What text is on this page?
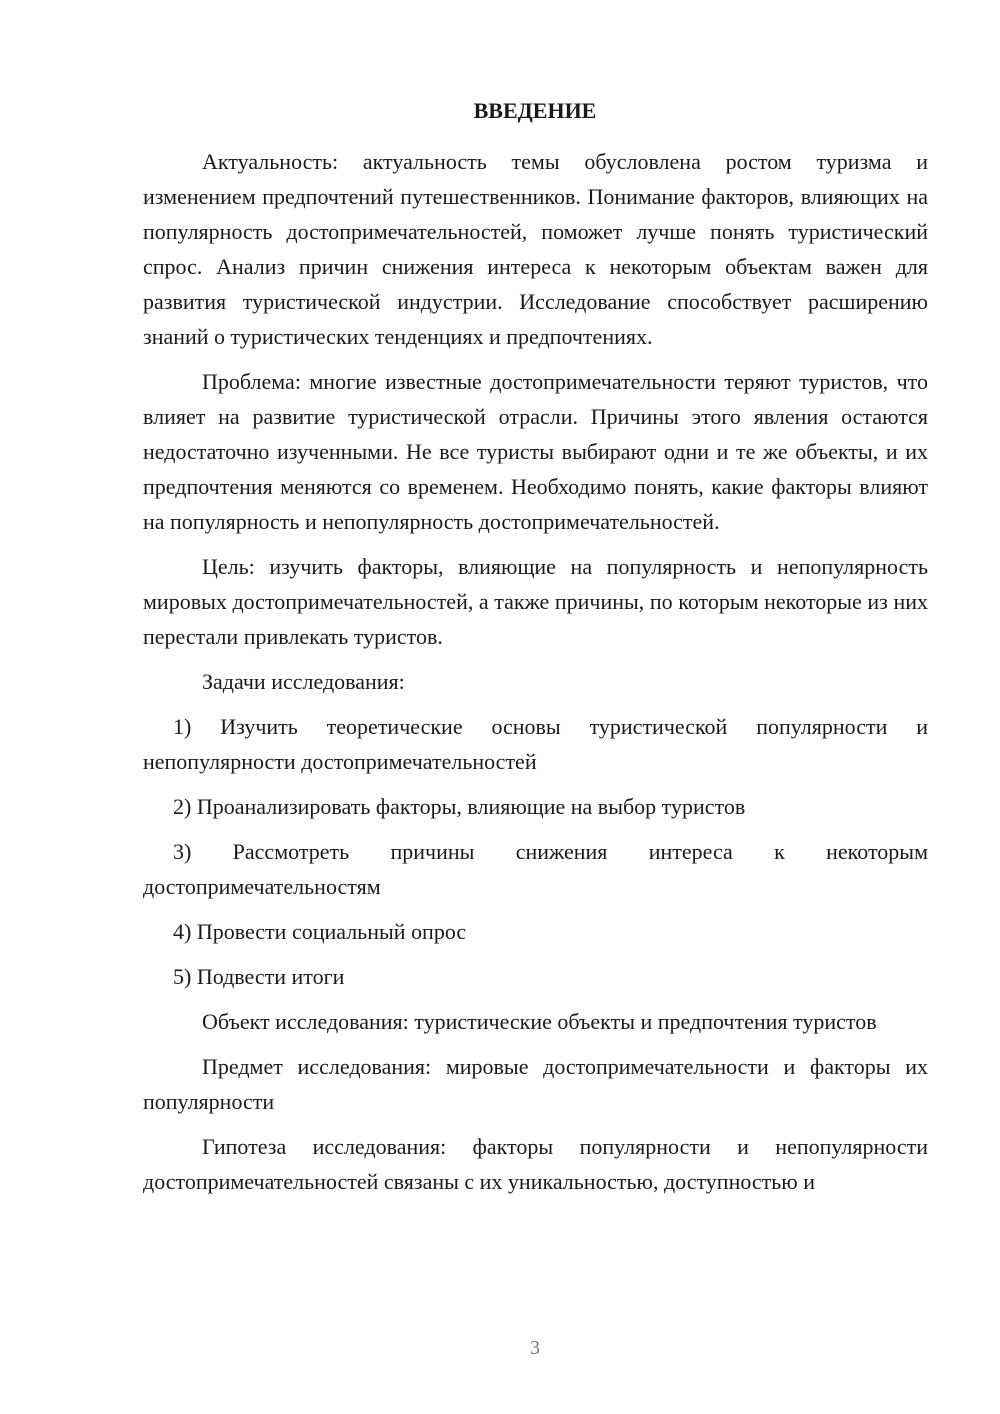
ВВЕДЕНИЕ

Актуальность: актуальность темы обусловлена ростом туризма и изменением предпочтений путешественников. Понимание факторов, влияющих на популярность достопримечательностей, поможет лучше понять туристический спрос. Анализ причин снижения интереса к некоторым объектам важен для развития туристической индустрии. Исследование способствует расширению знаний о туристических тенденциях и предпочтениях.

Проблема: многие известные достопримечательности теряют туристов, что влияет на развитие туристической отрасли. Причины этого явления остаются недостаточно изученными. Не все туристы выбирают одни и те же объекты, и их предпочтения меняются со временем. Необходимо понять, какие факторы влияют на популярность и непопулярность достопримечательностей.

Цель: изучить факторы, влияющие на популярность и непопулярность мировых достопримечательностей, а также причины, по которым некоторые из них перестали привлекать туристов.

Задачи исследования:

1) Изучить теоретические основы туристической популярности и непопулярности достопримечательностей

2) Проанализировать факторы, влияющие на выбор туристов

3) Рассмотреть причины снижения интереса к некоторым достопримечательностям

4) Провести социальный опрос

5) Подвести итоги

Объект исследования: туристические объекты и предпочтения туристов

Предмет исследования: мировые достопримечательности и факторы их популярности

Гипотеза исследования: факторы популярности и непопулярности достопримечательностей связаны с их уникальностью, доступностью и

3
